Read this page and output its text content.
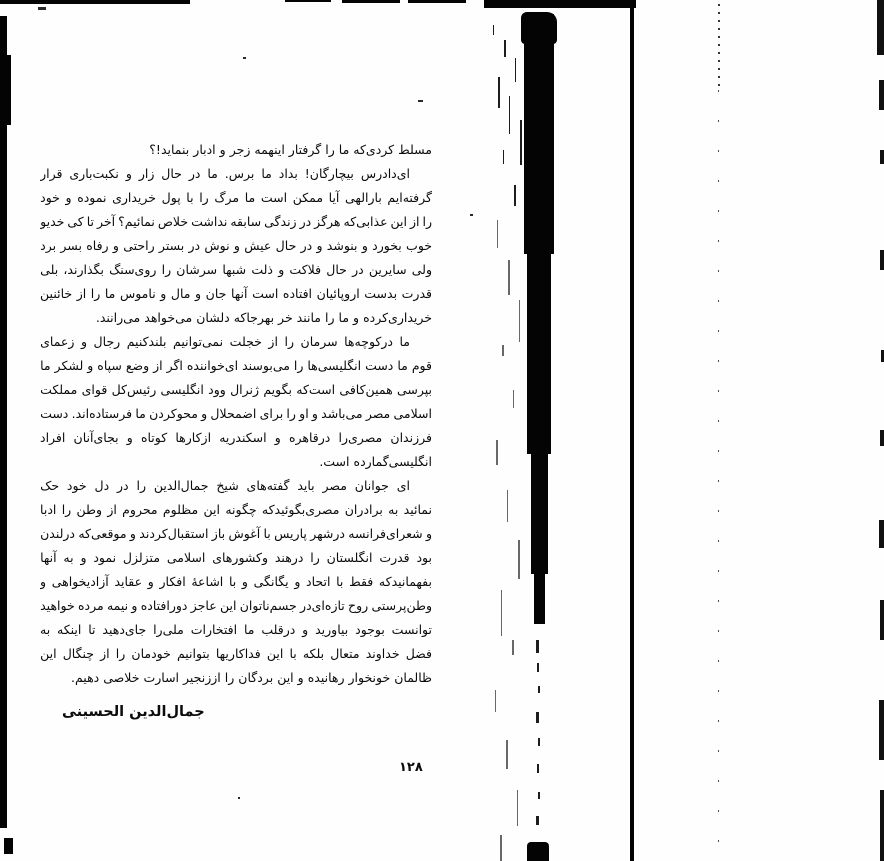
مسلط
کردی‌که
ما
را
گرفتار
اینهمه
زجر
و
ادبار
بنماید!؟
ای‌دادرس
بیچارگان!
بداد
ما
برس.
ما
در
حال
زار
و
نکبت‌باری
قرار
گرفته‌ایم
بارالهی
آیا
ممکن
است
ما
مرگ
را
با
پول
خریداری
نموده
و
خود
را
از
این
عذابی‌که
هرگز
در
زندگی
سابقه
نداشت
خلاص
نمائیم؟
آخر
تا
کی
خدیو
خوب
بخورد
و
بنوشد
و
در
حال
عیش
و
نوش
در
بستر
راحتی
و
رفاه
بسر
برد
ولی
سایرین
در
حال
فلاکت
و
ذلت
شبها
سرشان
را
روی‌سنگ
بگذارند،
بلی
قدرت
بدست
اروپائیان
افتاده
است
آنها
جان
و
مال
و
ناموس
ما
را
از
خائنین
خریداری‌کرده
و
ما
را
مانند
خر
بهرجاکه
دلشان
می‌خواهد
می‌رانند.
ما
درکوچه‌ها
سرمان
را
از
خجلت
نمی‌توانیم
بلندکنیم
رجال
و
زعمای
قوم
ما
دست
انگلیسی‌ها
را
می‌بوسند
ای‌خواننده
اگر
از
وضع
سپاه
و
لشکر
ما
بپرسی
همین‌کافی
است‌که
بگویم
ژنرال
وود
انگلیسی
رئیس‌کل
قوای
مملکت
اسلامی
مصر
می‌باشد
و
او
را
برای
اضمحلال
و
محوکردن
ما
فرستاده‌اند.
دست
فرزندان
مصری‌را
درقاهره
و
اسکندریه
ازکارها
کوتاه
و
بجای‌آنان
افراد
انگلیسی‌گمارده
است.
ای
جوانان
مصر
باید
گفته‌های
شیخ
جمال‌الدین
را
در
دل
خود
حک
نمائید
به
برادران
مصری‌بگوئیدکه
چگونه
این
مظلوم
محروم
از
وطن
را
ادبا
و
شعرای‌فرانسه
درشهر
پاریس
با
آغوش
باز
استقبال‌کردند
و
موقعی‌که
درلندن
بود
قدرت
انگلستان
را
درهند
وکشورهای
اسلامی
متزلزل
نمود
و
به
آنها
بفهمانیدکه
فقط
با
اتحاد
و
یگانگی
و
با
اشاعهٔ
افکار
و
عقاید
آزادیخواهی
و
وطن‌پرستی
روح
تازه‌ای‌در
جسم‌ناتوان
این
عاجز
دورافتاده
و
نیمه
مرده
خواهید
توانست
بوجود
بیاورید
و
درقلب
ما
افتخارات
ملی‌را
جای‌دهید
تا
اینکه
به
فضل
خداوند
متعال
بلکه
با
این
فداکاریها
بتوانیم
خودمان
را
از
چنگال
این
ظالمان
خونخوار
رهانیده
و
این
بردگان
را
اززنجیر
اسارت
خلاصی
دهیم.
جمال‌الدین الحسینی
۱۲۸
